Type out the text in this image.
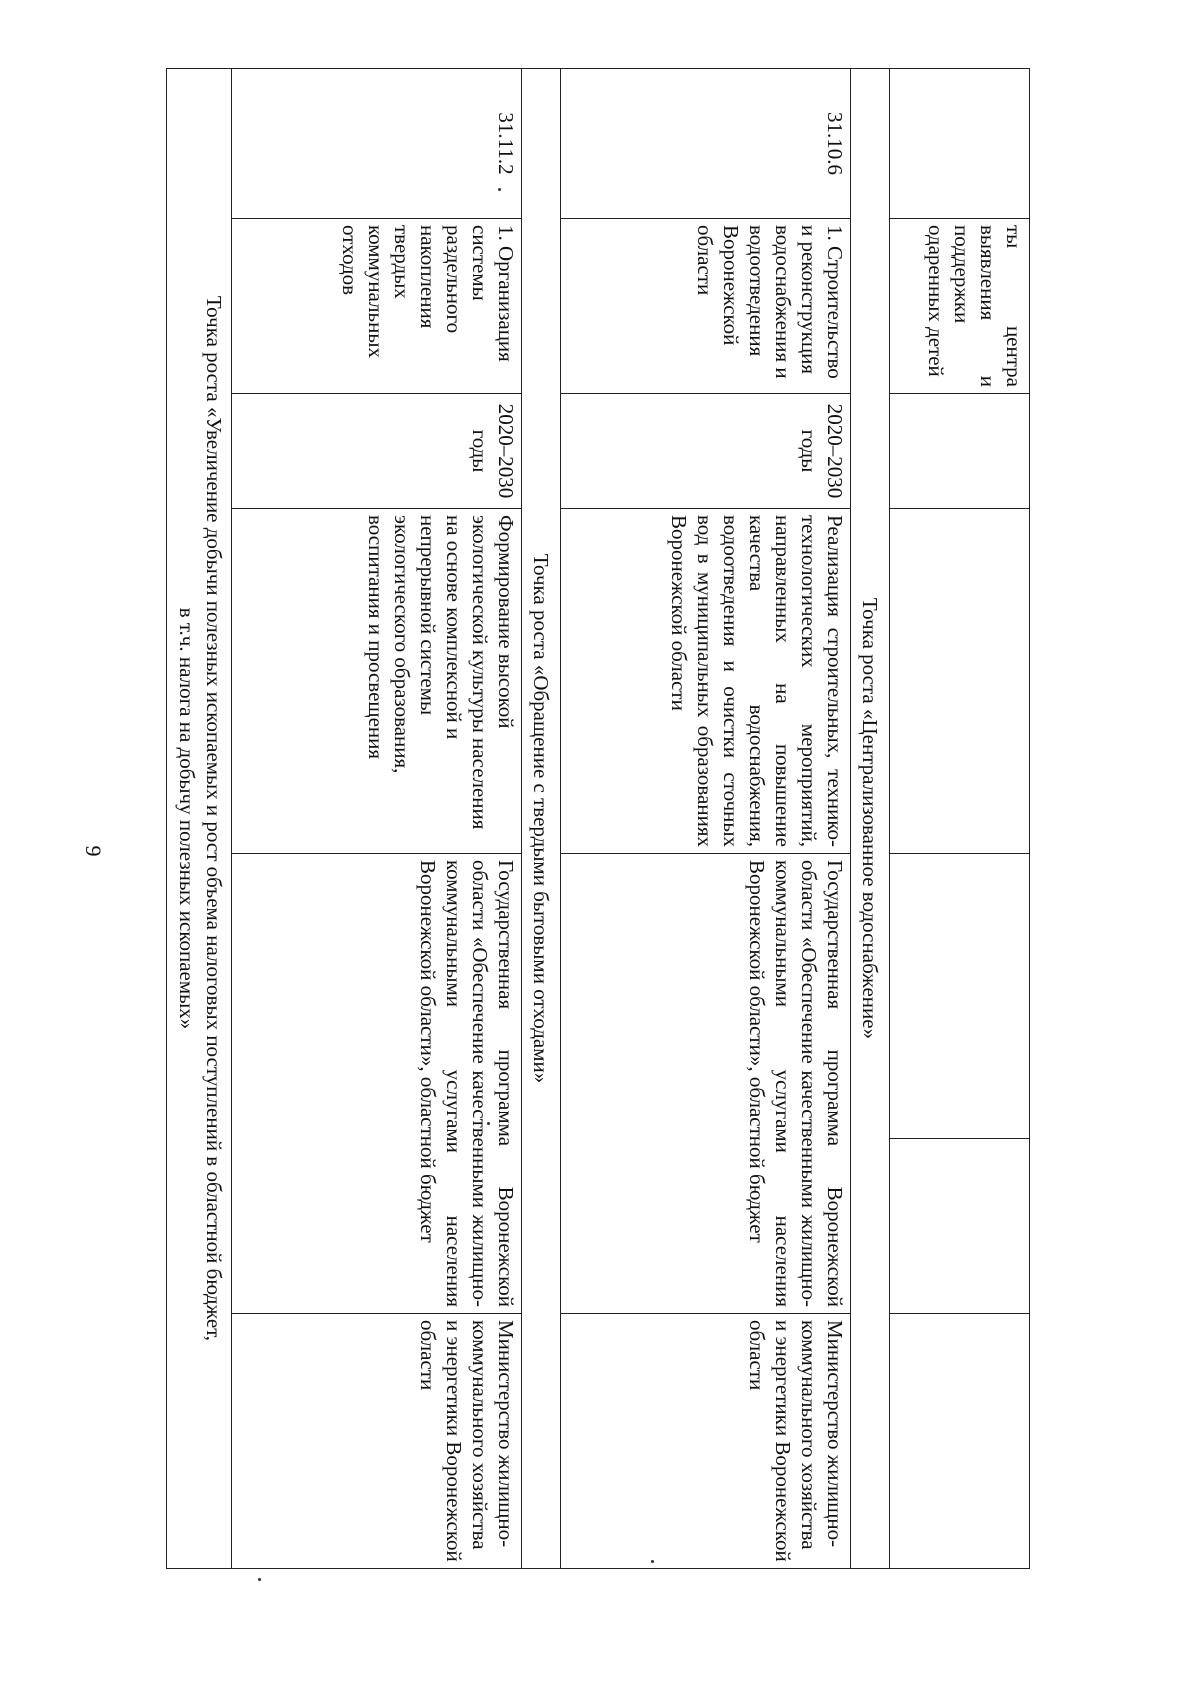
9
	ты центра выявления и поддержки одаренных детей					
Точка роста «Централизованное водоснабжение»						
31.10.6	1. Строительство и реконструкция водоснабжения и водоотведения Воронежской области	2020–2030 годы	Реализация строительных, технико-технологических мероприятий, направленных на повышение качества водоснабжения, водоотведения и очистки сточных вод в муниципальных образованиях Воронежской области	Государственная программа Воронежской области «Обеспечение качественными жилищно-коммунальными услугами населения Воронежской области», областной бюджет		Министерство жилищно-коммунального хозяйства и энергетики Воронежской области
Точка роста «Обращение с твердыми бытовыми отходами»						
31.11.2	1. Организация системы раздельного накопления твердых коммунальных отходов	2020–2030 годы	Формирование высокой экологической культуры населения на основе комплексной и непрерывной системы экологического образования, воспитания и просвещения	Государственная программа Воронежской области «Обеспечение качественными жилищно-коммунальными услугами населения Воронежской области», областной бюджет		Министерство жилищно-коммунального хозяйства и энергетики Воронежской области

Точка роста «Увеличение добычи полезных ископаемых и рост объема налоговых поступлений в областной бюджет,
в т.ч. налога на добычу полезных ископаемых»						
